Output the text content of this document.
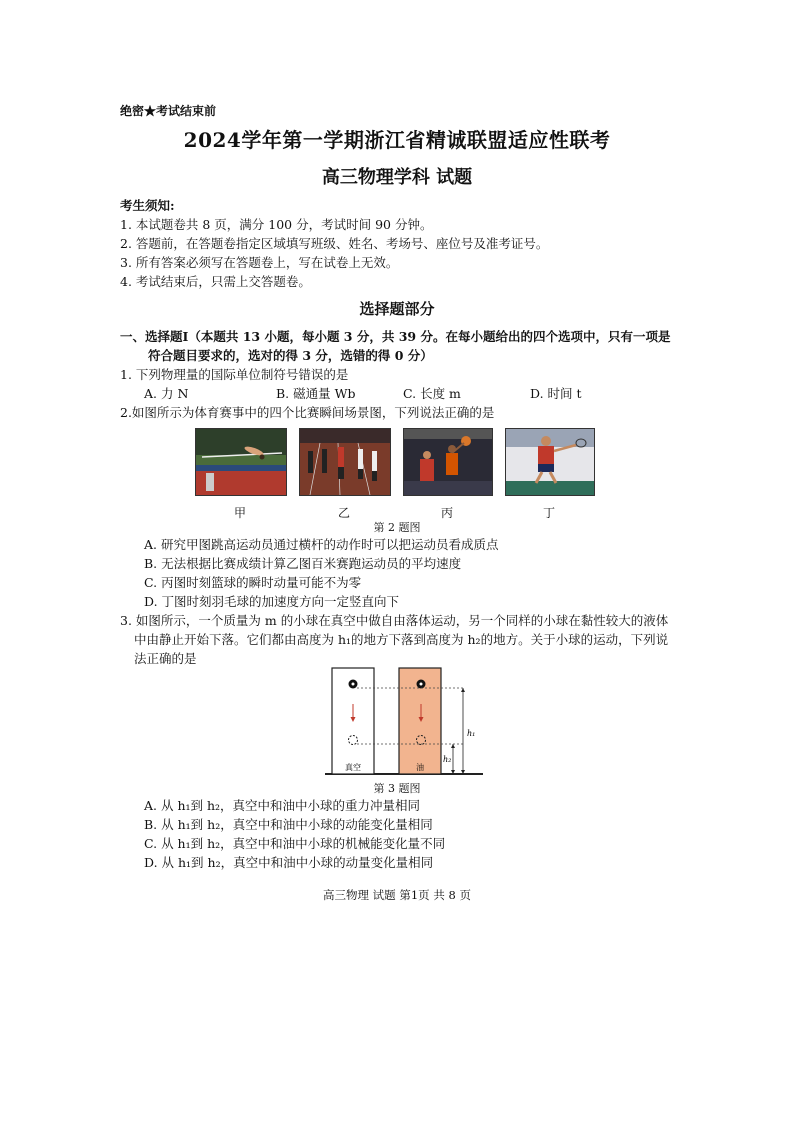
绝密★考试结束前
2024学年第一学期浙江省精诚联盟适应性联考
高三物理学科 试题
考生须知:
1. 本试题卷共 8 页，满分 100 分，考试时间 90 分钟。
2. 答题前，在答题卷指定区域填写班级、姓名、考场号、座位号及准考证号。
3. 所有答案必须写在答题卷上，写在试卷上无效。
4. 考试结束后，只需上交答题卷。
选择题部分
一、选择题Ⅰ（本题共 13 小题，每小题 3 分，共 39 分。在每小题给出的四个选项中，只有一项是
符合题目要求的，选对的得 3 分，选错的得 0 分）
1. 下列物理量的国际单位制符号错误的是
A. 力 N	B. 磁通量 Wb	C. 长度 m	D. 时间 t
2.如图所示为体育赛事中的四个比赛瞬间场景图，下列说法正确的是
甲	乙	丙	丁
第 2 题图
A. 研究甲图跳高运动员通过横杆的动作时可以把运动员看成质点
B. 无法根据比赛成绩计算乙图百米赛跑运动员的平均速度
C. 丙图时刻篮球的瞬时动量可能不为零
D. 丁图时刻羽毛球的加速度方向一定竖直向下
3. 如图所示，一个质量为 m 的小球在真空中做自由落体运动，另一个同样的小球在黏性较大的液体
中由静止开始下落。它们都由高度为 h₁的地方下落到高度为 h₂的地方。关于小球的运动，下列说
法正确的是
真空	油
h₁
h₂
第 3 题图
A. 从 h₁到 h₂，真空中和油中小球的重力冲量相同
B. 从 h₁到 h₂，真空中和油中小球的动能变化量相同
C. 从 h₁到 h₂，真空中和油中小球的机械能变化量不同
D. 从 h₁到 h₂，真空中和油中小球的动量变化量相同
高三物理 试题 第1页 共 8 页
